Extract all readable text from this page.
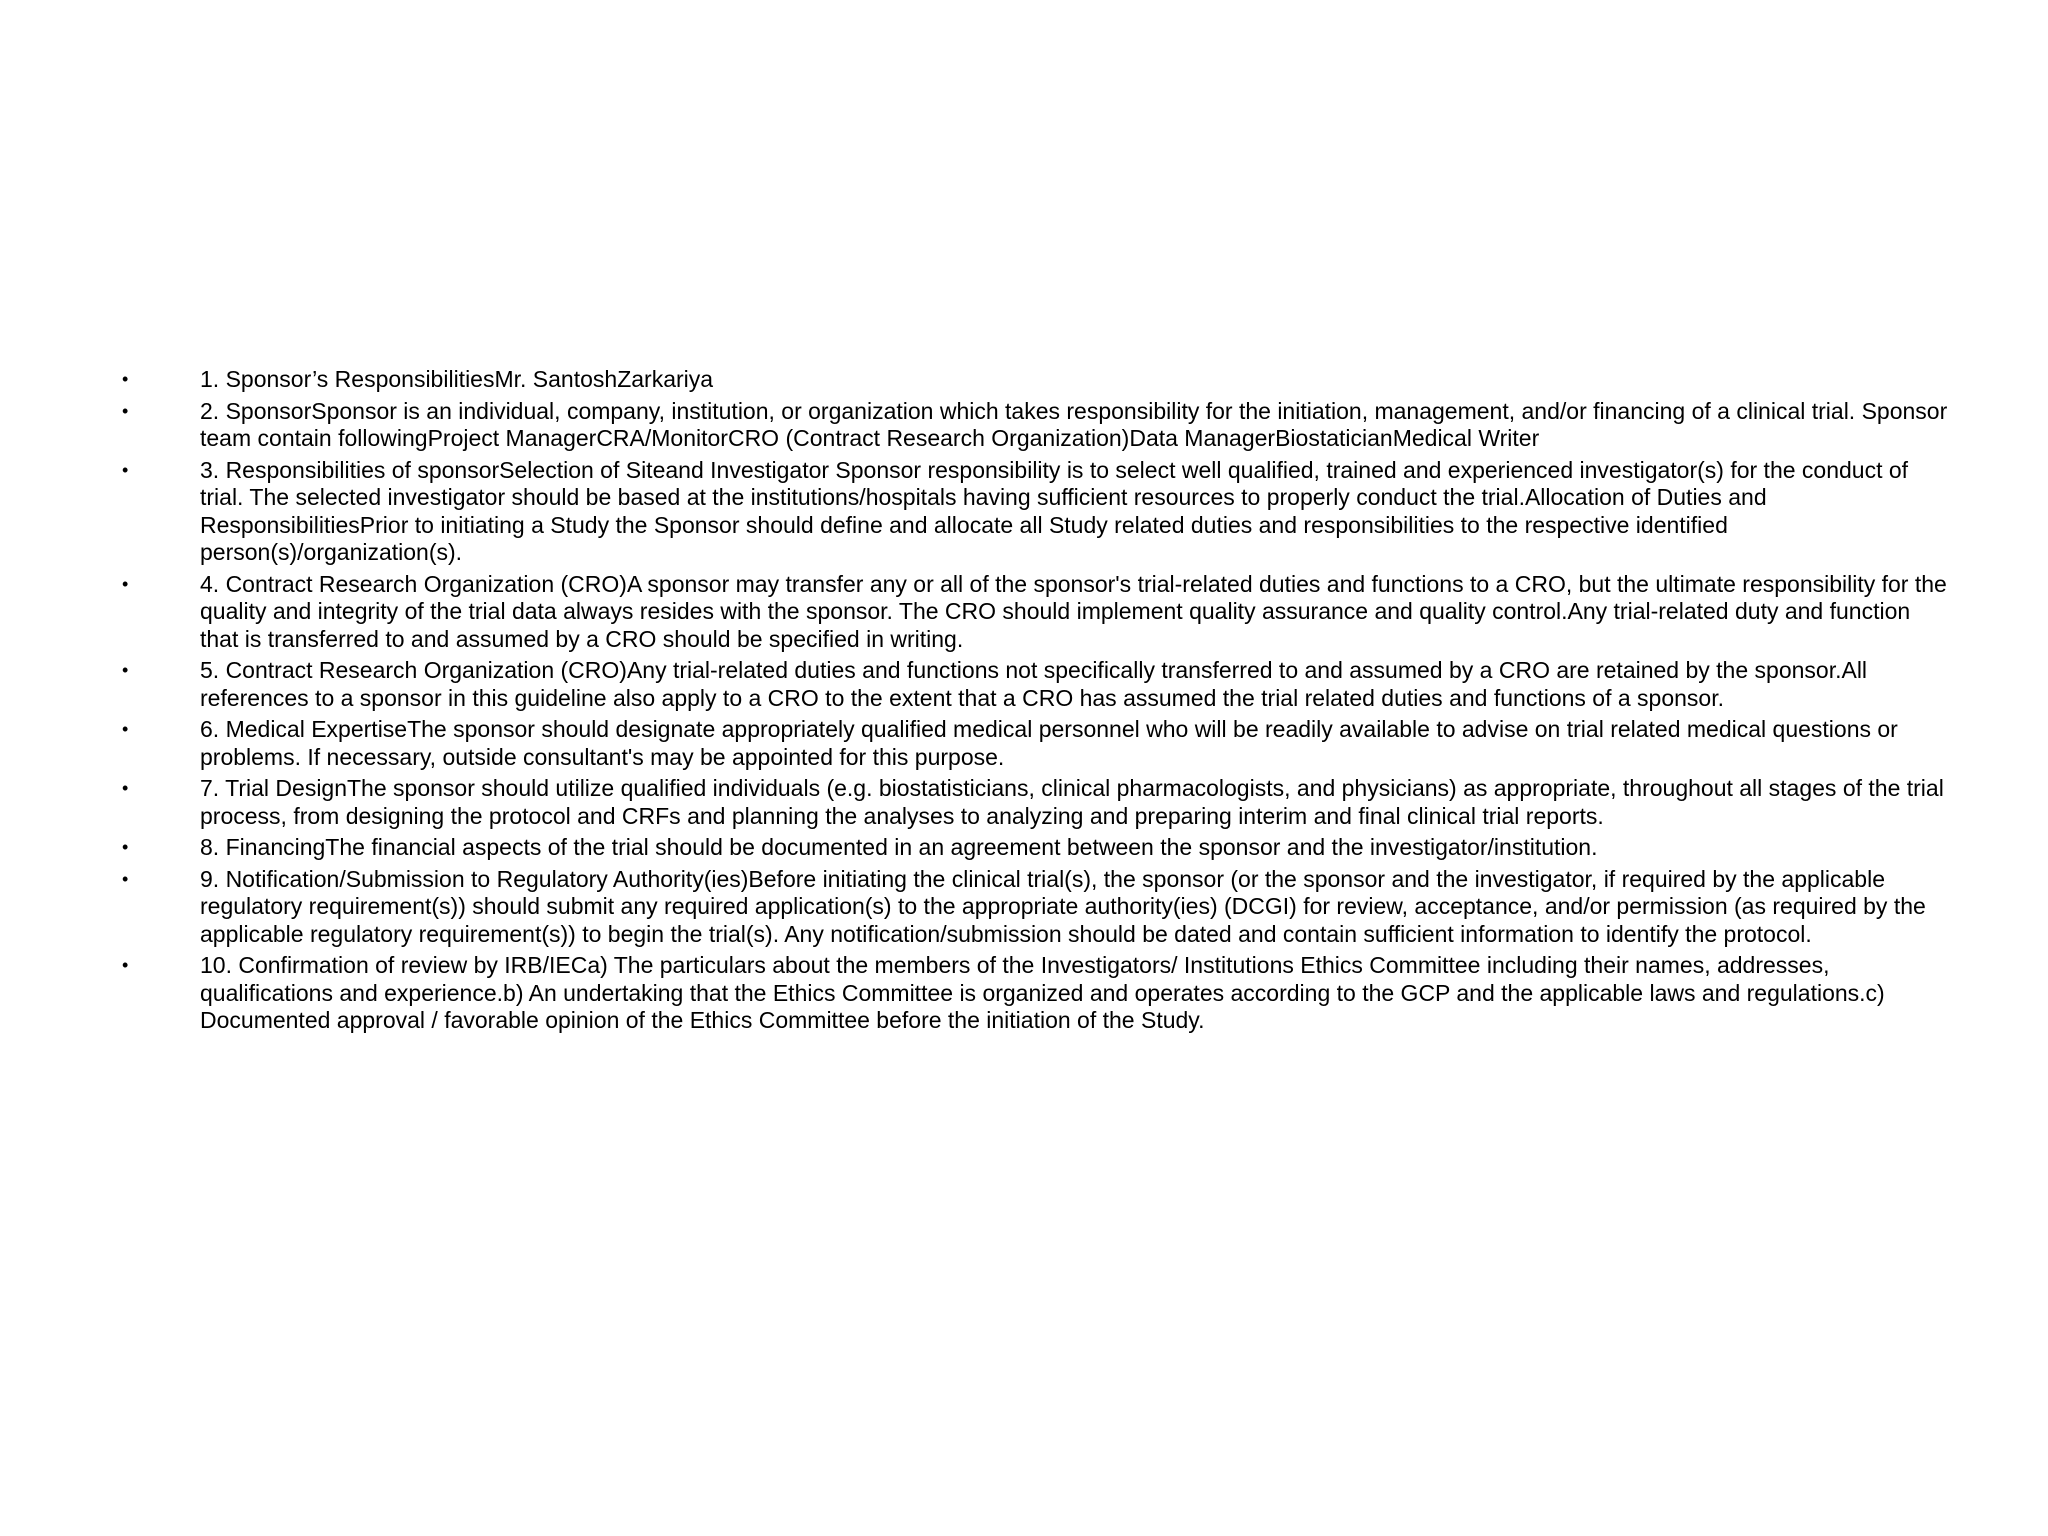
•	1. Sponsor’s ResponsibilitiesMr. SantoshZarkariya
•	2. SponsorSponsor is an individual, company, institution, or organization which takes responsibility for the initiation, management, and/or financing of a clinical trial. Sponsor team contain followingProject ManagerCRA/MonitorCRO (Contract Research Organization)Data ManagerBiostaticianMedical Writer
•	3. Responsibilities of sponsorSelection of Siteand Investigator Sponsor responsibility is to select well qualified, trained and experienced investigator(s) for the conduct of trial. The selected investigator should be based at the institutions/hospitals having sufficient resources to properly conduct the trial.Allocation of Duties and ResponsibilitiesPrior to initiating a Study the Sponsor should define and allocate all Study related duties and responsibilities to the respective identified person(s)/organization(s).
•	4. Contract Research Organization (CRO)A sponsor may transfer any or all of the sponsor's trial-related duties and functions to a CRO, but the ultimate responsibility for the quality and integrity of the trial data always resides with the sponsor. The CRO should implement quality assurance and quality control.Any trial-related duty and function that is transferred to and assumed by a CRO should be specified in writing.
•	5. Contract Research Organization (CRO)Any trial-related duties and functions not specifically transferred to and assumed by a CRO are retained by the sponsor.All references to a sponsor in this guideline also apply to a CRO to the extent that a CRO has assumed the trial related duties and functions of a sponsor.
•	6. Medical ExpertiseThe sponsor should designate appropriately qualified medical personnel who will be readily available to advise on trial related medical questions or problems. If necessary, outside consultant's may be appointed for this purpose.
•	7. Trial DesignThe sponsor should utilize qualified individuals (e.g. biostatisticians, clinical pharmacologists, and physicians) as appropriate, throughout all stages of the trial process, from designing the protocol and CRFs and planning the analyses to analyzing and preparing interim and final clinical trial reports.
•	8. FinancingThe financial aspects of the trial should be documented in an agreement between the sponsor and the investigator/institution.
•	9. Notification/Submission to Regulatory Authority(ies)Before initiating the clinical trial(s), the sponsor (or the sponsor and the investigator, if required by the applicable regulatory requirement(s)) should submit any required application(s) to the appropriate authority(ies) (DCGI) for review, acceptance, and/or permission (as required by the applicable regulatory requirement(s)) to begin the trial(s). Any notification/submission should be dated and contain sufficient information to identify the protocol.
•	10. Confirmation of review by IRB/IECa) The particulars about the members of the Investigators/ Institutions Ethics Committee including their names, addresses, qualifications and experience.b) An undertaking that the Ethics Committee is organized and operates according to the GCP and the applicable laws and regulations.c) Documented approval / favorable opinion of the Ethics Committee before the initiation of the Study.
